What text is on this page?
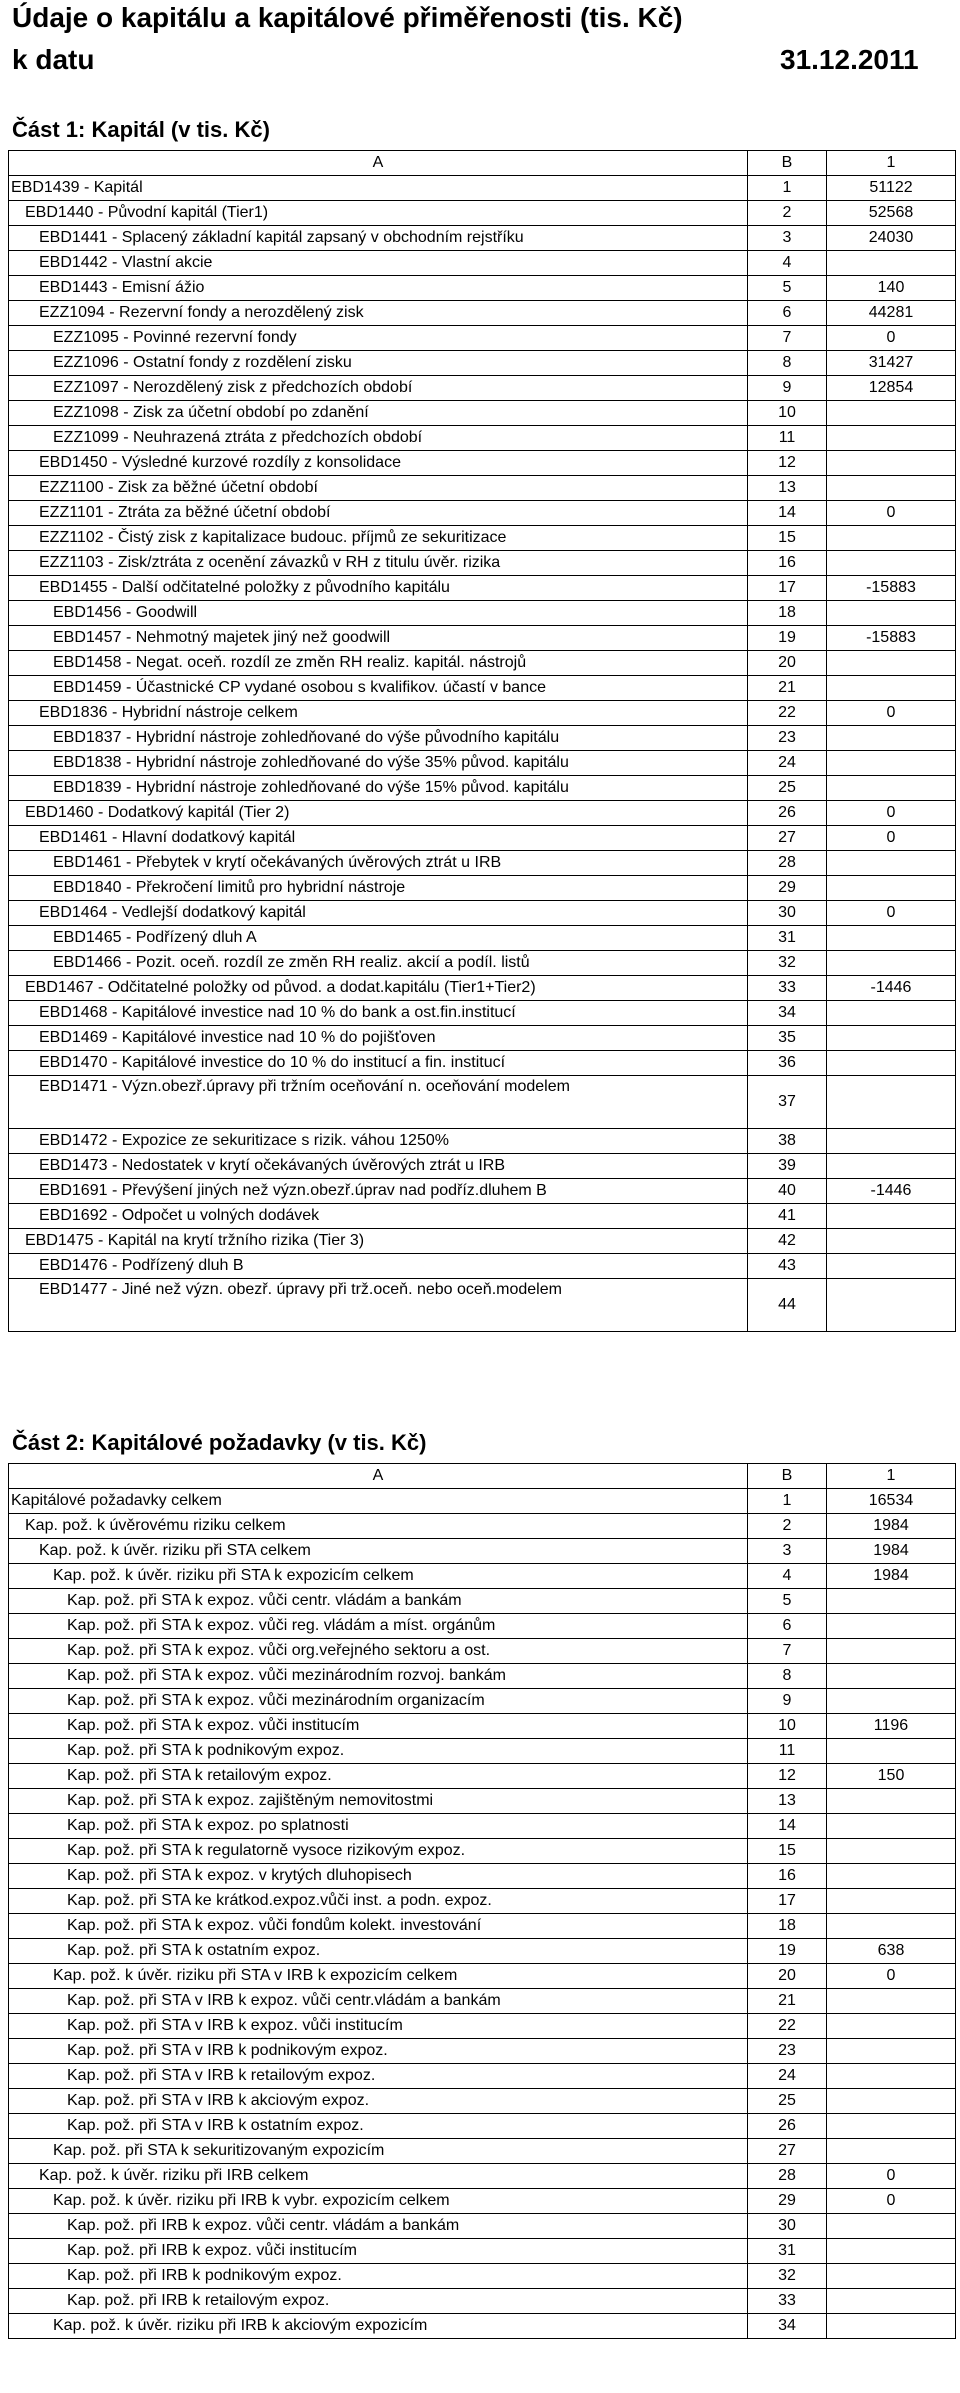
Údaje o kapitálu a kapitálové přiměřenosti (tis. Kč)
k datu	31.12.2011
Část 1: Kapitál (v tis. Kč)
A	B	1
EBD1439 - Kapitál	1	51122
EBD1440 - Původní kapitál (Tier1)	2	52568
EBD1441 - Splacený základní kapitál zapsaný v obchodním rejstříku	3	24030
EBD1442 - Vlastní akcie	4	
EBD1443 - Emisní ážio	5	140
EZZ1094 - Rezervní fondy a nerozdělený zisk	6	44281
EZZ1095 - Povinné rezervní fondy	7	0
EZZ1096 - Ostatní fondy z rozdělení zisku	8	31427
EZZ1097 - Nerozdělený zisk z předchozích období	9	12854
EZZ1098 - Zisk za účetní období po zdanění	10	
EZZ1099 - Neuhrazená ztráta z předchozích období	11	
EBD1450 - Výsledné kurzové rozdíly z konsolidace	12	
EZZ1100 - Zisk za běžné účetní období	13	
EZZ1101 - Ztráta za běžné účetní období	14	0
EZZ1102 - Čistý zisk z kapitalizace budouc. příjmů ze sekuritizace	15	
EZZ1103 - Zisk/ztráta z ocenění závazků v RH z titulu úvěr. rizika	16	
EBD1455 - Další odčitatelné položky z původního kapitálu	17	-15883
EBD1456 - Goodwill	18	
EBD1457 - Nehmotný majetek jiný než goodwill	19	-15883
EBD1458 - Negat. oceň. rozdíl ze změn RH realiz. kapitál. nástrojů	20	
EBD1459 - Účastnické CP vydané osobou s kvalifikov. účastí v bance	21	
EBD1836 - Hybridní nástroje celkem	22	0
EBD1837 - Hybridní nástroje zohledňované do výše původního kapitálu	23	
EBD1838 - Hybridní nástroje zohledňované do výše 35% původ. kapitálu	24	
EBD1839 - Hybridní nástroje zohledňované do výše 15% původ. kapitálu	25	
EBD1460 - Dodatkový kapitál (Tier 2)	26	0
EBD1461 - Hlavní dodatkový kapitál	27	0
EBD1461 - Přebytek v krytí očekávaných úvěrových ztrát u IRB	28	
EBD1840 - Překročení limitů pro hybridní nástroje	29	
EBD1464 - Vedlejší dodatkový kapitál	30	0
EBD1465 - Podřízený dluh A	31	
EBD1466 - Pozit. oceň. rozdíl ze změn RH realiz. akcií a podíl. listů	32	
EBD1467 - Odčitatelné položky od původ. a dodat.kapitálu (Tier1+Tier2)	33	-1446
EBD1468 - Kapitálové investice nad 10 % do bank a ost.fin.institucí	34	
EBD1469 - Kapitálové investice nad 10 % do pojišťoven	35	
EBD1470 - Kapitálové investice do 10 % do institucí a fin. institucí	36	
EBD1471 - Význ.obezř.úpravy při tržním oceňování n. oceňování modelem	37	
EBD1472 - Expozice ze sekuritizace s rizik. váhou 1250%	38	
EBD1473 - Nedostatek v krytí očekávaných úvěrových ztrát u IRB	39	
EBD1691 - Převýšení jiných než význ.obezř.úprav nad podříz.dluhem B	40	-1446
EBD1692 - Odpočet u volných dodávek	41	
EBD1475 - Kapitál na krytí tržního rizika (Tier 3)	42	
EBD1476 - Podřízený dluh B	43	
EBD1477 - Jiné než význ. obezř. úpravy při trž.oceň. nebo oceň.modelem	44	
Část 2: Kapitálové požadavky (v tis. Kč)
A	B	1
Kapitálové požadavky celkem	1	16534
Kap. pož. k úvěrovému riziku celkem	2	1984
Kap. pož. k úvěr. riziku při STA celkem	3	1984
Kap. pož. k úvěr. riziku při STA k expozicím celkem	4	1984
Kap. pož. při STA k expoz. vůči centr. vládám a bankám	5	
Kap. pož. při STA k expoz. vůči reg. vládám a míst. orgánům	6	
Kap. pož. při STA k expoz. vůči org.veřejného sektoru a ost.	7	
Kap. pož. při STA k expoz. vůči mezinárodním rozvoj. bankám	8	
Kap. pož. při STA k expoz. vůči mezinárodním organizacím	9	
Kap. pož. při STA k expoz. vůči institucím	10	1196
Kap. pož. při STA k podnikovým expoz.	11	
Kap. pož. při STA k retailovým expoz.	12	150
Kap. pož. při STA k expoz. zajištěným nemovitostmi	13	
Kap. pož. při STA k expoz. po splatnosti	14	
Kap. pož. při STA k regulatorně vysoce rizikovým expoz.	15	
Kap. pož. při STA k expoz. v krytých dluhopisech	16	
Kap. pož. při STA ke krátkod.expoz.vůči inst. a podn. expoz.	17	
Kap. pož. při STA k expoz. vůči fondům kolekt. investování	18	
Kap. pož. při STA k ostatním expoz.	19	638
Kap. pož. k úvěr. riziku při STA v IRB k expozicím celkem	20	0
Kap. pož. při STA v IRB k expoz. vůči centr.vládám a bankám	21	
Kap. pož. při STA v IRB k expoz. vůči institucím	22	
Kap. pož. při STA v IRB k podnikovým expoz.	23	
Kap. pož. při STA v IRB k retailovým expoz.	24	
Kap. pož. při STA v IRB k akciovým expoz.	25	
Kap. pož. při STA v IRB k ostatním expoz.	26	
Kap. pož. při STA k sekuritizovaným expozicím	27	
Kap. pož. k úvěr. riziku při IRB celkem	28	0
Kap. pož. k úvěr. riziku při IRB k vybr. expozicím celkem	29	0
Kap. pož. při IRB k expoz. vůči centr. vládám a bankám	30	
Kap. pož. při IRB k expoz. vůči institucím	31	
Kap. pož. při IRB k podnikovým expoz.	32	
Kap. pož. při IRB k retailovým expoz.	33	
Kap. pož. k úvěr. riziku při IRB k akciovým expozicím	34	
